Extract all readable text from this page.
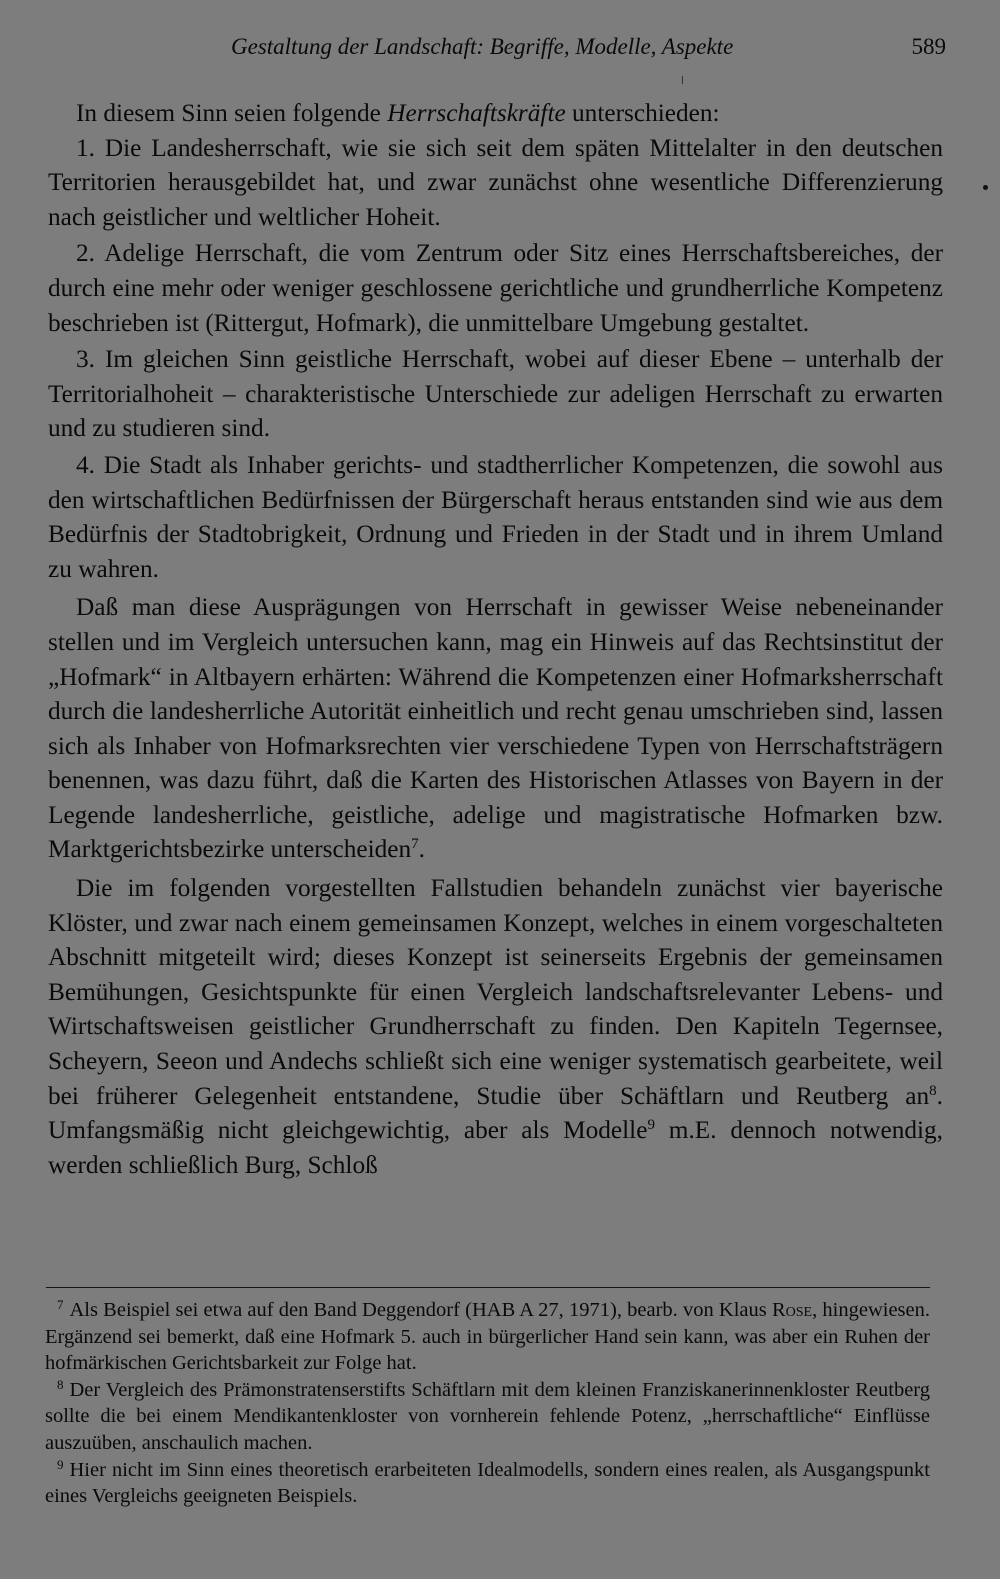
Gestaltung der Landschaft: Begriffe, Modelle, Aspekte	589

In diesem Sinn seien folgende Herrschaftskräfte unterschieden:

1. Die Landesherrschaft, wie sie sich seit dem späten Mittelalter in den deutschen Territorien herausgebildet hat, und zwar zunächst ohne wesentliche Differenzierung nach geistlicher und weltlicher Hoheit.

2. Adelige Herrschaft, die vom Zentrum oder Sitz eines Herrschaftsbereiches, der durch eine mehr oder weniger geschlossene gerichtliche und grundherrliche Kompetenz beschrieben ist (Rittergut, Hofmark), die unmittelbare Umgebung gestaltet.

3. Im gleichen Sinn geistliche Herrschaft, wobei auf dieser Ebene – unterhalb der Territorialhoheit – charakteristische Unterschiede zur adeligen Herrschaft zu erwarten und zu studieren sind.

4. Die Stadt als Inhaber gerichts- und stadtherrlicher Kompetenzen, die sowohl aus den wirtschaftlichen Bedürfnissen der Bürgerschaft heraus entstanden sind wie aus dem Bedürfnis der Stadtobrigkeit, Ordnung und Frieden in der Stadt und in ihrem Umland zu wahren.

Daß man diese Ausprägungen von Herrschaft in gewisser Weise nebeneinander stellen und im Vergleich untersuchen kann, mag ein Hinweis auf das Rechtsinstitut der „Hofmark“ in Altbayern erhärten: Während die Kompetenzen einer Hofmarksherrschaft durch die landesherrliche Autorität einheitlich und recht genau umschrieben sind, lassen sich als Inhaber von Hofmarksrechten vier verschiedene Typen von Herrschaftsträgern benennen, was dazu führt, daß die Karten des Historischen Atlasses von Bayern in der Legende landesherrliche, geistliche, adelige und magistratische Hofmarken bzw. Marktgerichtsbezirke unterscheiden$^7$.

Die im folgenden vorgestellten Fallstudien behandeln zunächst vier bayerische Klöster, und zwar nach einem gemeinsamen Konzept, welches in einem vorgeschalteten Abschnitt mitgeteilt wird; dieses Konzept ist seinerseits Ergebnis der gemeinsamen Bemühungen, Gesichtspunkte für einen Vergleich landschaftsrelevanter Lebens- und Wirtschaftsweisen geistlicher Grundherrschaft zu finden. Den Kapiteln Tegernsee, Scheyern, Seeon und Andechs schließt sich eine weniger systematisch gearbeitete, weil bei früherer Gelegenheit entstandene, Studie über Schäftlarn und Reutberg $an^8$. Umfangsmäßig nicht gleichgewichtig, aber als Modelle$^9$ m.E. dennoch notwendig, werden schließlich Burg, Schloß

$^7$ Als Beispiel sei etwa auf den Band Deggendorf (HAB A 27, 1971), bearb. von Klaus Rose, hingewiesen. Ergänzend sei bemerkt, daß eine Hofmark 5. auch in bürgerlicher Hand sein kann, was aber ein Ruhen der hofmärkischen Gerichtsbarkeit zur Folge hat.

$^8$ Der Vergleich des Prämonstratenserstifts Schäftlarn mit dem kleinen Franziskanerinnenkloster Reutberg sollte die bei einem Mendikantenkloster von vornherein fehlende Potenz, „herrschaftliche“ Einflüsse auszuüben, anschaulich machen.

$^9$ Hier nicht im Sinn eines theoretisch erarbeiteten Idealmodells, sondern eines realen, als Ausgangspunkt eines Vergleichs geeigneten Beispiels.
